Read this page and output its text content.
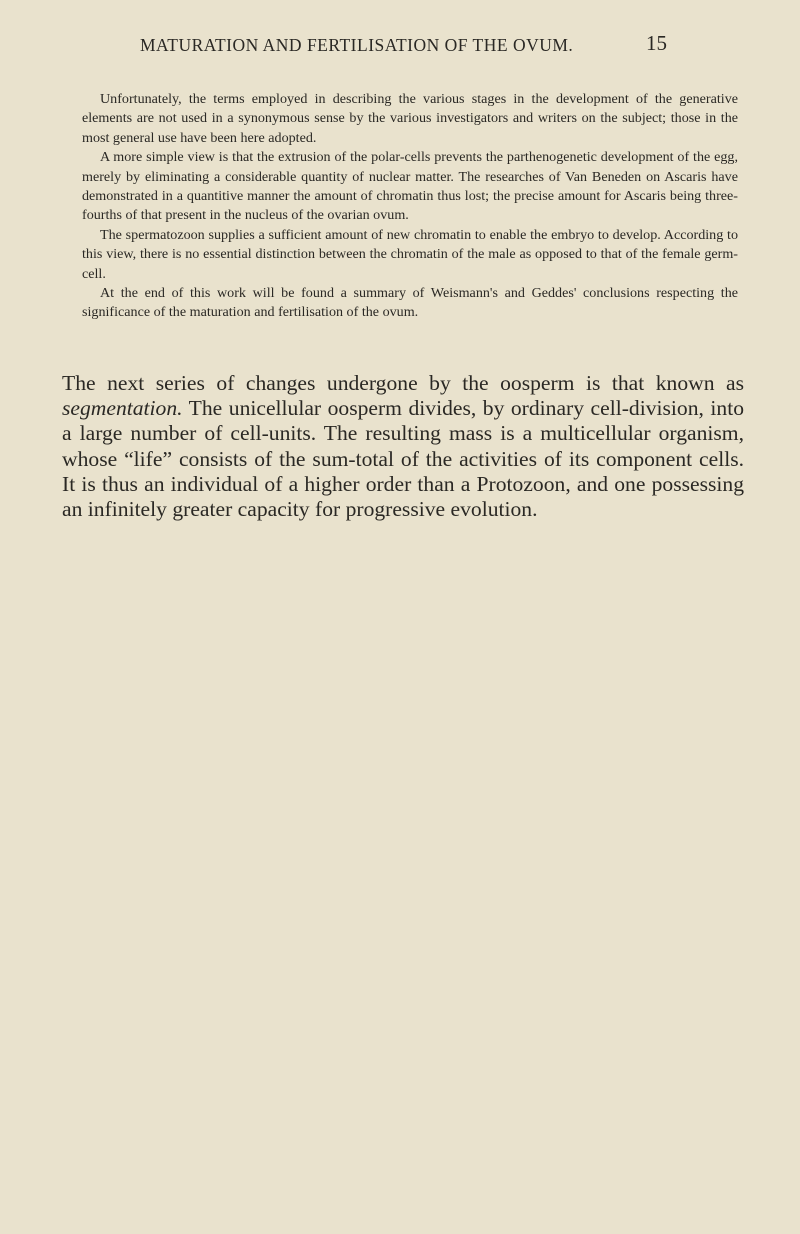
MATURATION AND FERTILISATION OF THE OVUM.	15

Unfortunately, the terms employed in describing the various stages in the development of the generative elements are not used in a synonymous sense by the various investigators and writers on the subject; those in the most general use have been here adopted.

A more simple view is that the extrusion of the polar-cells prevents the parthenogenetic development of the egg, merely by eliminating a considerable quantity of nuclear matter. The researches of Van Beneden on Ascaris have demonstrated in a quantitive manner the amount of chromatin thus lost; the precise amount for Ascaris being three-fourths of that present in the nucleus of the ovarian ovum.

The spermatozoon supplies a sufficient amount of new chromatin to enable the embryo to develop. According to this view, there is no essential distinction between the chromatin of the male as opposed to that of the female germ-cell.

At the end of this work will be found a summary of Weismann's and Geddes' conclusions respecting the significance of the maturation and fertilisation of the ovum.

The next series of changes undergone by the oosperm is that known as segmentation. The unicellular oosperm divides, by ordinary cell-division, into a large number of cell-units. The resulting mass is a multicellular organism, whose “life” consists of the sum-total of the activities of its component cells. It is thus an individual of a higher order than a Protozoon, and one possessing an infinitely greater capacity for progressive evolution.
